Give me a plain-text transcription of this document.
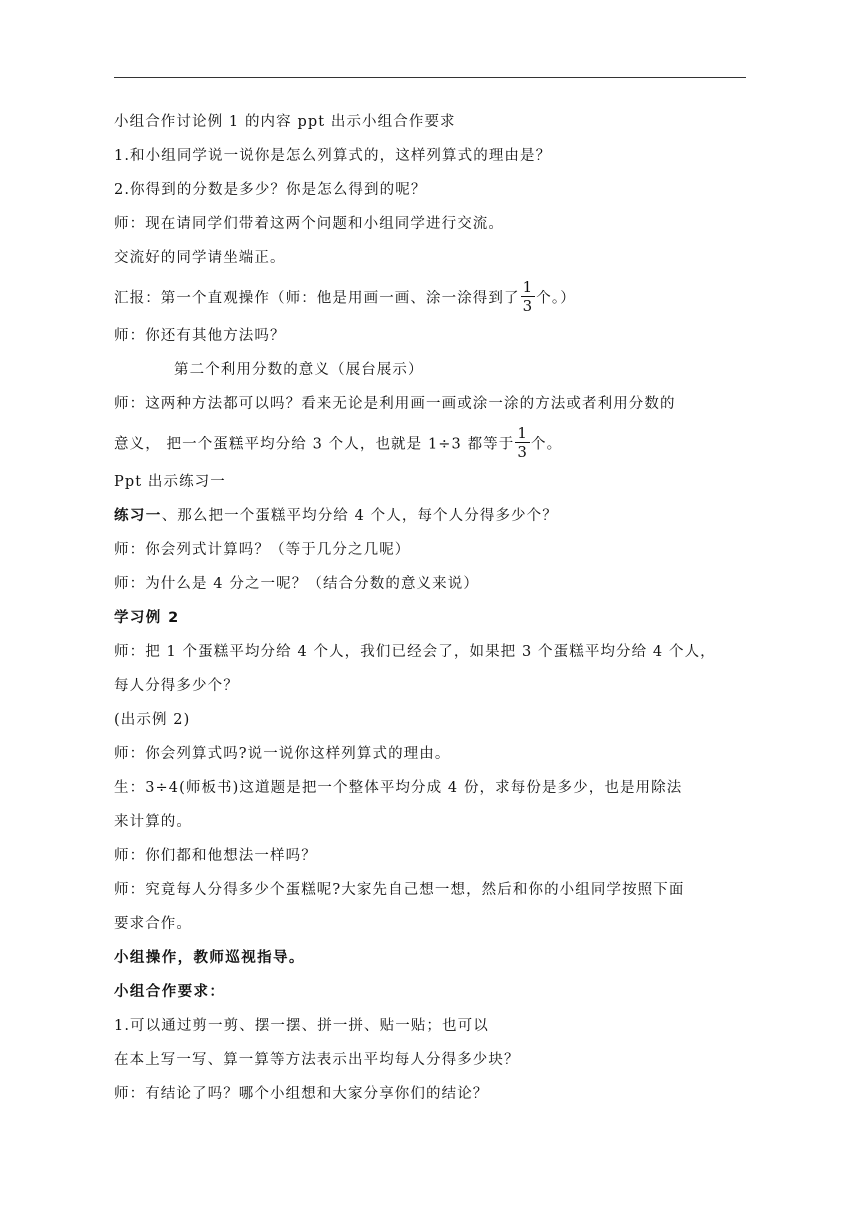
小组合作讨论例 1 的内容 ppt 出示小组合作要求
1.和小组同学说一说你是怎么列算式的，这样列算式的理由是？
2.你得到的分数是多少？你是怎么得到的呢？
师：现在请同学们带着这两个问题和小组同学进行交流。
交流好的同学请坐端正。
汇报：第一个直观操作（师：他是用画一画、涂一涂得到了 $\frac{1}{3}$ 个。）
师：你还有其他方法吗？
第二个利用分数的意义（展台展示）
师：这两种方法都可以吗？看来无论是利用画一画或涂一涂的方法或者利用分数的
意义， 把一个蛋糕平均分给 3 个人，也就是 1÷3 都等于 $\frac{1}{3}$ 个。
Ppt 出示练习一
练习一、那么把一个蛋糕平均分给 4 个人，每个人分得多少个？
师：你会列式计算吗？（等于几分之几呢）
师：为什么是 4 分之一呢？（结合分数的意义来说）
学习例 2
师：把 1 个蛋糕平均分给 4 个人，我们已经会了，如果把 3 个蛋糕平均分给 4 个人，
每人分得多少个？
(出示例 2)
师：你会列算式吗?说一说你这样列算式的理由。
生：3÷4(师板书)这道题是把一个整体平均分成 4 份，求每份是多少，也是用除法
来计算的。
师：你们都和他想法一样吗？
师：究竟每人分得多少个蛋糕呢?大家先自己想一想，然后和你的小组同学按照下面
要求合作。
小组操作，教师巡视指导。
小组合作要求：
1.可以通过剪一剪、摆一摆、拼一拼、贴一贴；也可以
在本上写一写、算一算等方法表示出平均每人分得多少块？
师：有结论了吗？哪个小组想和大家分享你们的结论？
